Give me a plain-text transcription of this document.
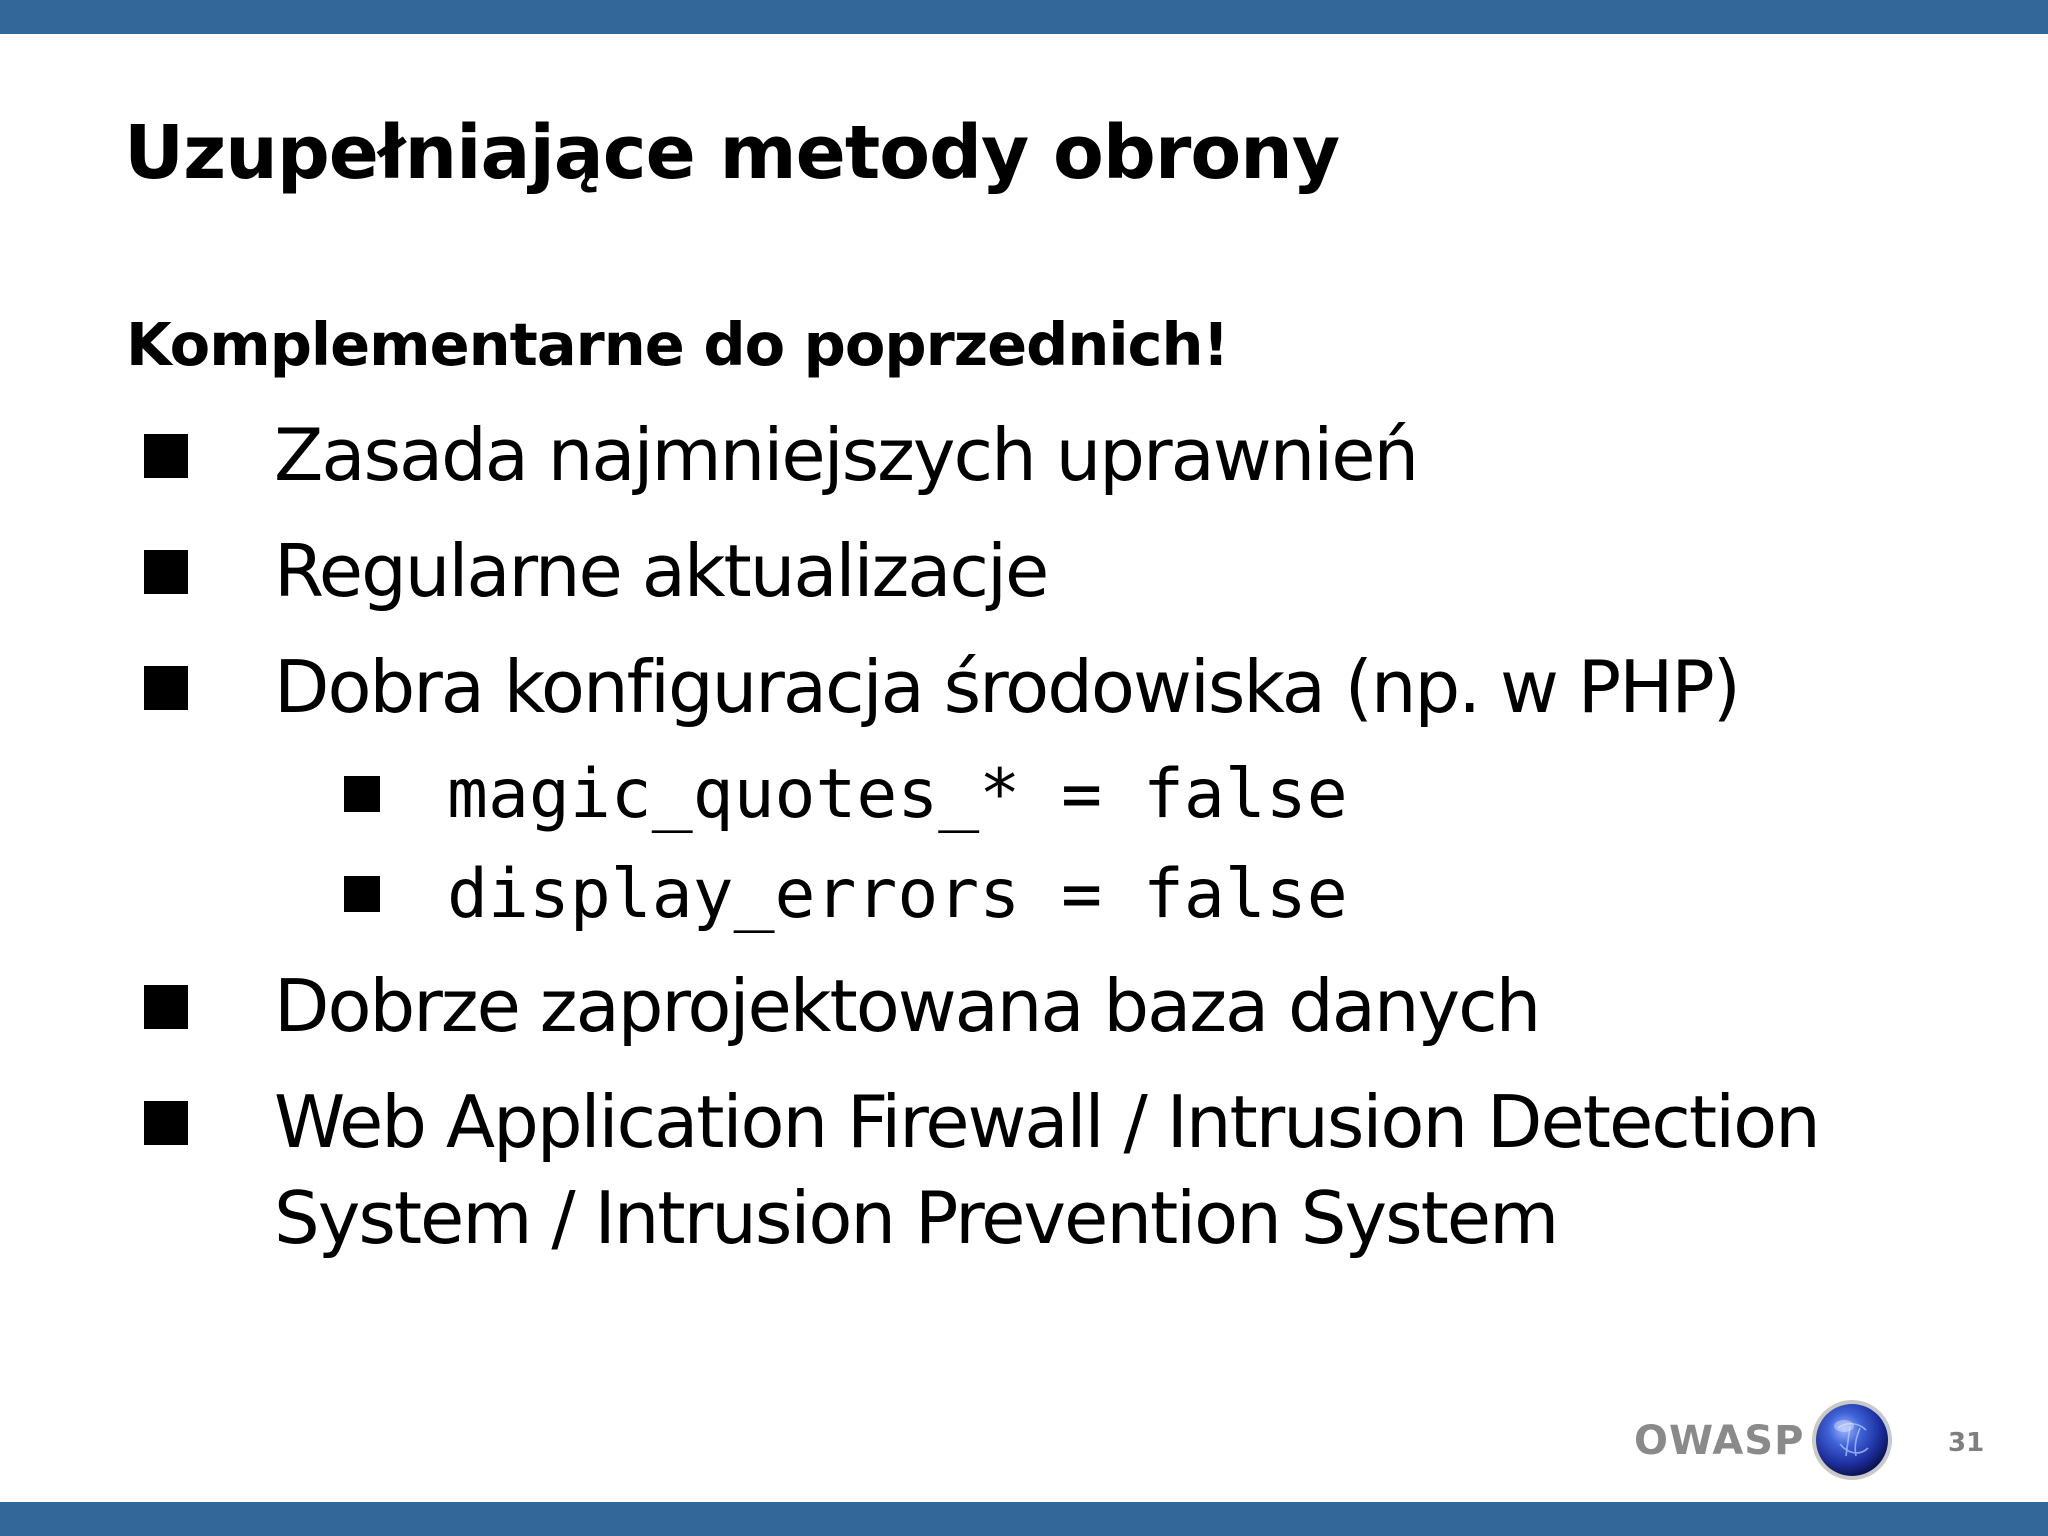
Uzupełniające metody obrony

Komplementarne do poprzednich!

Zasada najmniejszych uprawnień
Regularne aktualizacje
Dobra konfiguracja środowiska (np. w PHP)
magic_quotes_* = false
display_errors = false
Dobrze zaprojektowana baza danych
Web Application Firewall / Intrusion Detection
System / Intrusion Prevention System
OWASP	31
